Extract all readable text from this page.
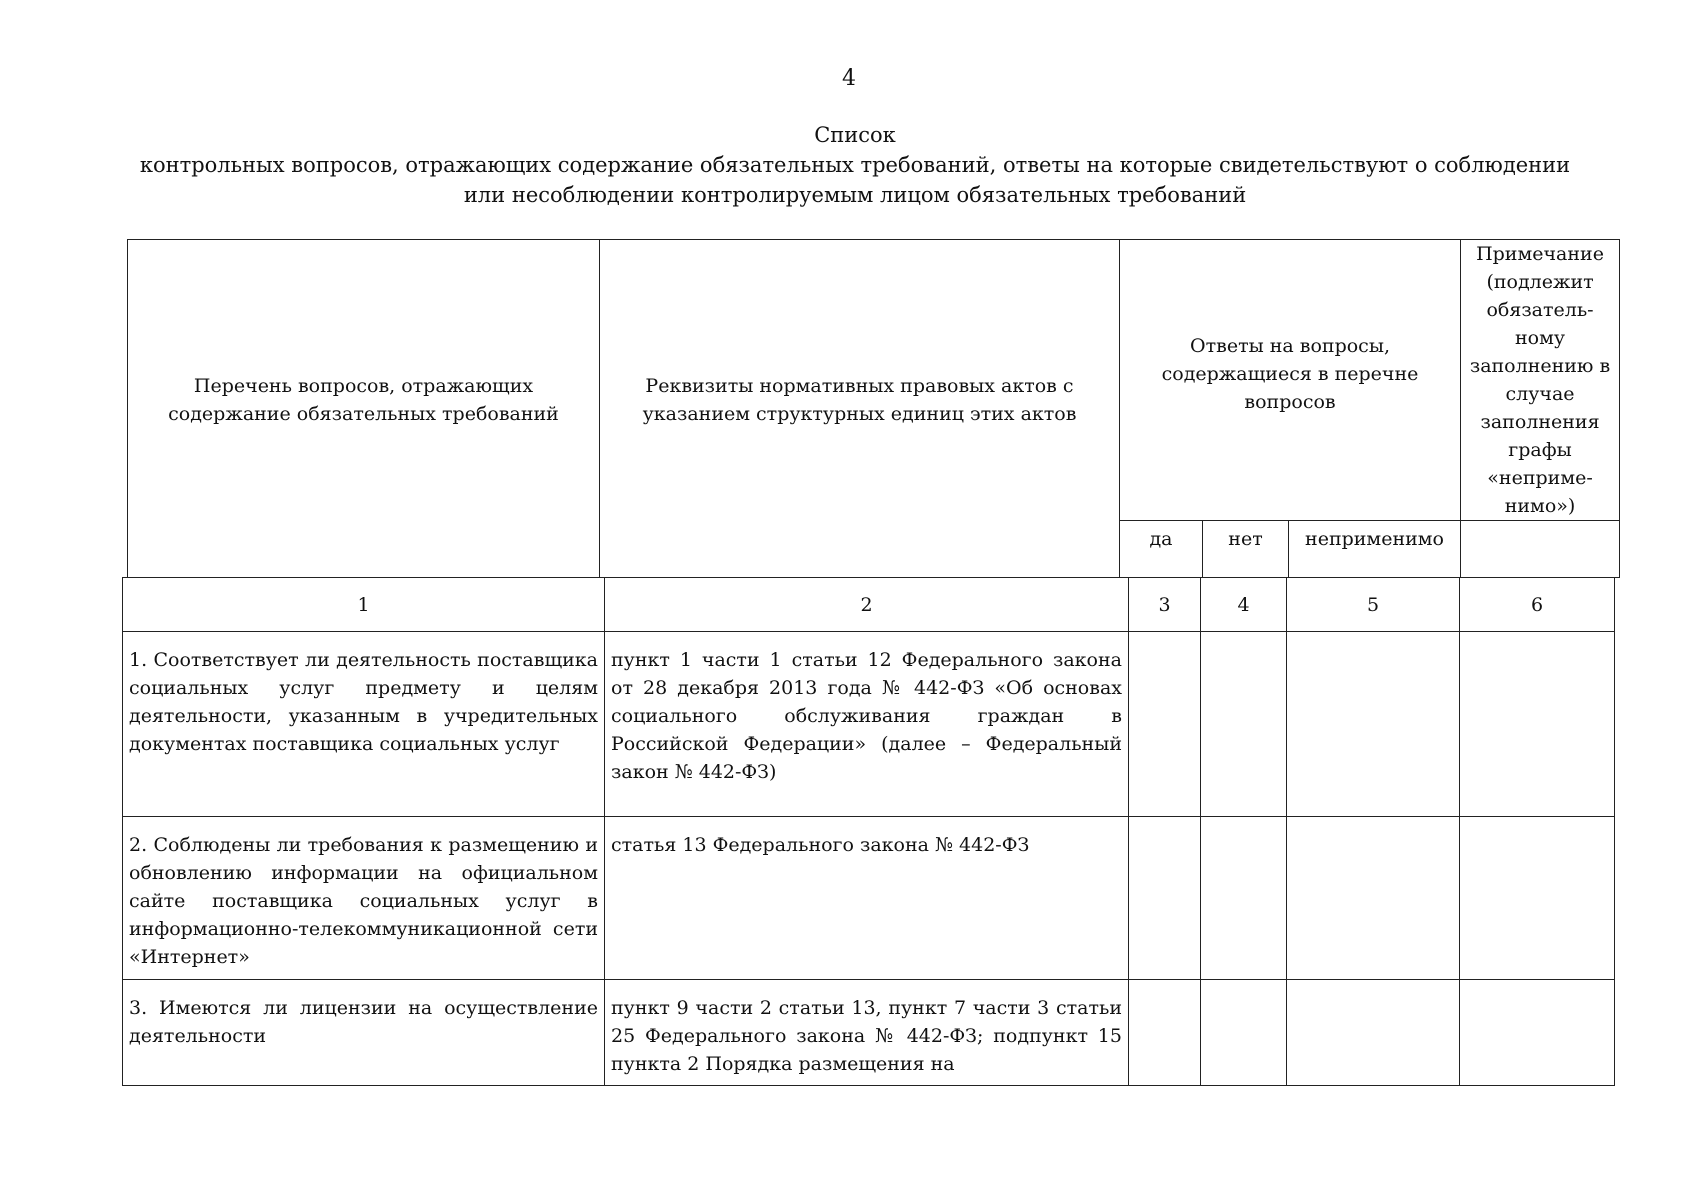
4
Список
контрольных вопросов, отражающих содержание обязательных требований, ответы на которые свидетельствуют о соблюдении
или несоблюдении контролируемым лицом обязательных требований
Перечень вопросов, отражающих содержание обязательных требований	Реквизиты нормативных правовых актов с указанием структурных единиц этих актов	Ответы на вопросы, содержащиеся в перечне вопросов			Примечание (подлежит обязатель-ному заполнению в случае заполнения графы «неприме-нимо»)
		да	нет	неприменимо	
1	2	3	4	5	6
1. Соответствует ли деятельность поставщика социальных услуг предмету и целям деятельности, указанным в учредительных документах поставщика социальных услуг	пункт 1 части 1 статьи 12 Федерального закона от 28 декабря 2013 года № 442-ФЗ «Об основах социального обслуживания граждан в Российской Федерации» (далее – Федеральный закон № 442-ФЗ)				
2. Соблюдены ли требования к размещению и обновлению информации на официальном сайте поставщика социальных услуг в информационно-телекоммуникационной сети «Интернет»	статья 13 Федерального закона № 442-ФЗ				
3. Имеются ли лицензии на осуществление деятельности	пункт 9 части 2 статьи 13, пункт 7 части 3 статьи 25 Федерального закона № 442-ФЗ; подпункт 15 пункта 2 Порядка размещения на				
